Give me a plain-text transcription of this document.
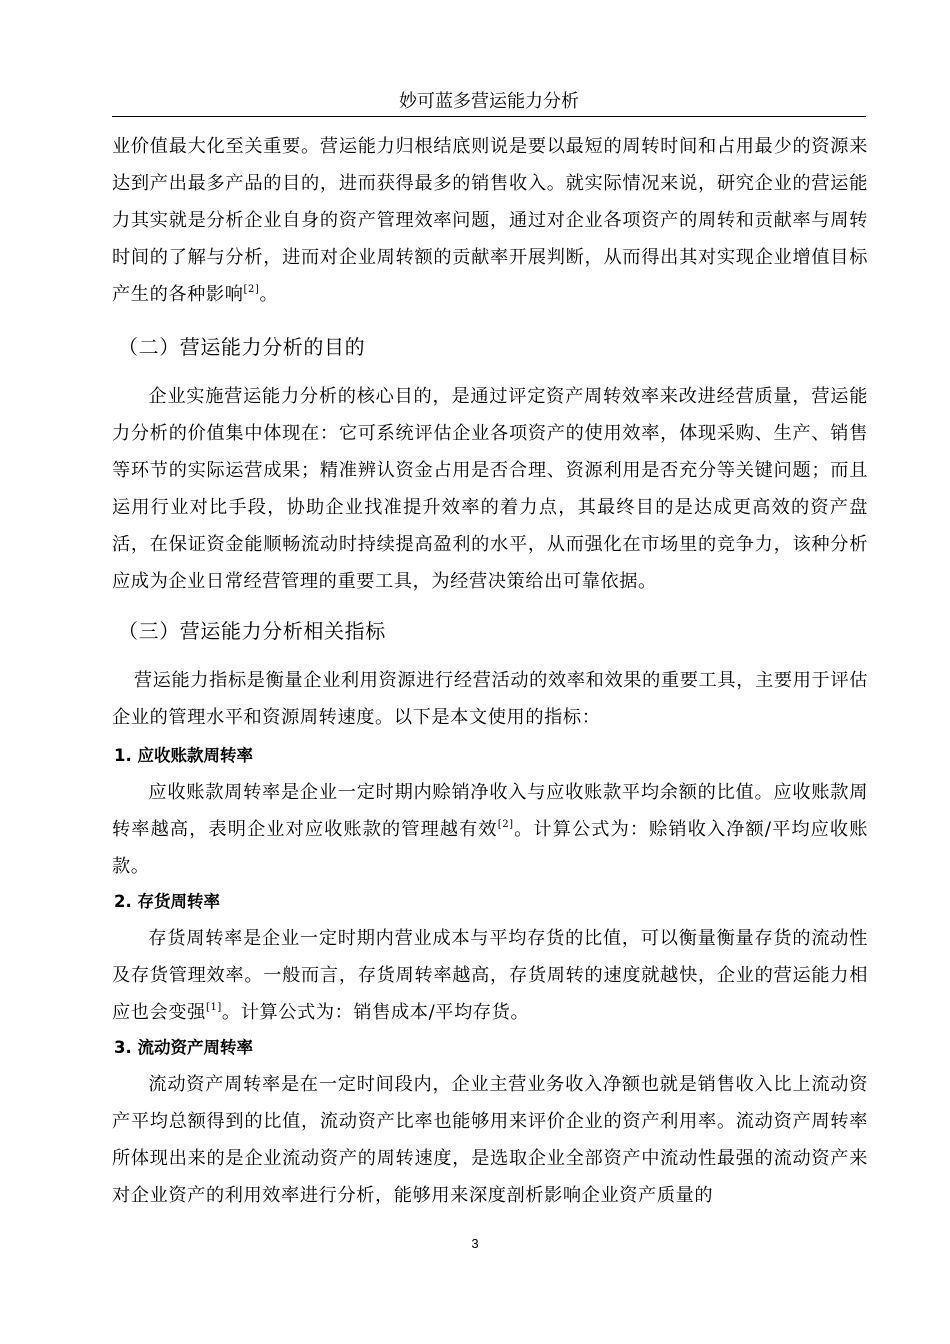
妙可蓝多营运能力分析

业价值最大化至关重要。营运能力归根结底则说是要以最短的周转时间和占用最少的资源来达到产出最多产品的目的，进而获得最多的销售收入。就实际情况来说，研究企业的营运能力其实就是分析企业自身的资产管理效率问题，通过对企业各项资产的周转和贡献率与周转时间的了解与分析，进而对企业周转额的贡献率开展判断，从而得出其对实现企业增值目标产生的各种影响[2]。

（二）营运能力分析的目的

企业实施营运能力分析的核心目的，是通过评定资产周转效率来改进经营质量，营运能力分析的价值集中体现在：它可系统评估企业各项资产的使用效率，体现采购、生产、销售等环节的实际运营成果；精准辨认资金占用是否合理、资源利用是否充分等关键问题；而且运用行业对比手段，协助企业找准提升效率的着力点，其最终目的是达成更高效的资产盘活，在保证资金能顺畅流动时持续提高盈利的水平，从而强化在市场里的竞争力，该种分析应成为企业日常经营管理的重要工具，为经营决策给出可靠依据。

（三）营运能力分析相关指标

营运能力指标是衡量企业利用资源进行经营活动的效率和效果的重要工具，主要用于评估企业的管理水平和资源周转速度。以下是本文使用的指标：

1. 应收账款周转率

应收账款周转率是企业一定时期内赊销净收入与应收账款平均余额的比值。应收账款周转率越高，表明企业对应收账款的管理越有效[2]。计算公式为：赊销收入净额/平均应收账款。

2. 存货周转率

存货周转率是企业一定时期内营业成本与平均存货的比值，可以衡量衡量存货的流动性及存货管理效率。一般而言，存货周转率越高，存货周转的速度就越快，企业的营运能力相应也会变强[1]。计算公式为：销售成本/平均存货。

3. 流动资产周转率

流动资产周转率是在一定时间段内，企业主营业务收入净额也就是销售收入比上流动资产平均总额得到的比值，流动资产比率也能够用来评价企业的资产利用率。流动资产周转率所体现出来的是企业流动资产的周转速度，是选取企业全部资产中流动性最强的流动资产来对企业资产的利用效率进行分析，能够用来深度剖析影响企业资产质量的

3
